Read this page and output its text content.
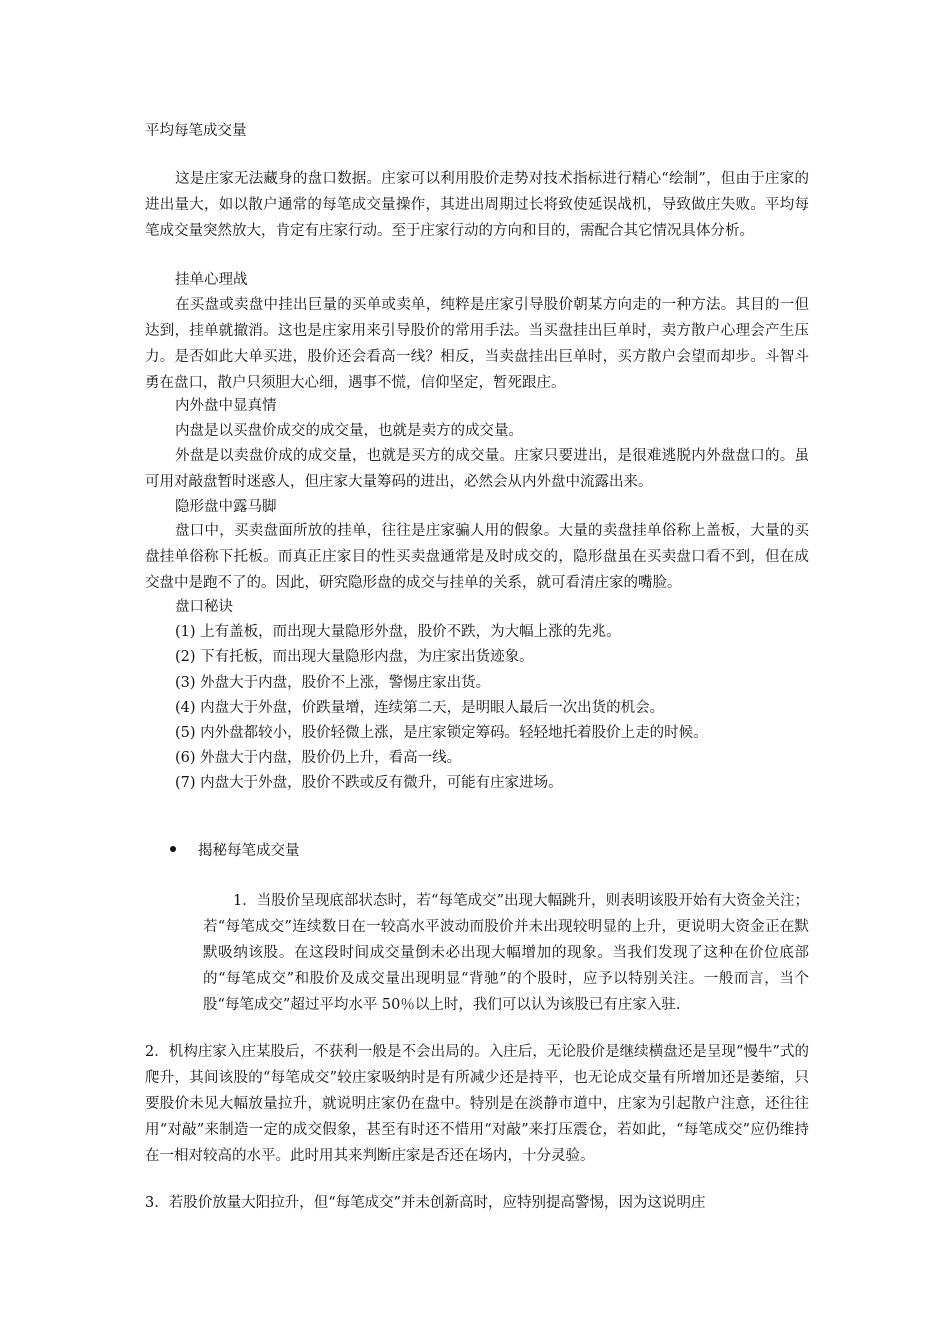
平均每笔成交量

这是庄家无法藏身的盘口数据。庄家可以利用股价走势对技术指标进行精心“绘制”，但由于庄家的进出量大，如以散户通常的每笔成交量操作，其进出周期过长将致使延误战机，导致做庄失败。平均每笔成交量突然放大，肯定有庄家行动。至于庄家行动的方向和目的，需配合其它情况具体分析。

挂单心理战

在买盘或卖盘中挂出巨量的买单或卖单，纯粹是庄家引导股价朝某方向走的一种方法。其目的一但达到，挂单就撤消。这也是庄家用来引导股价的常用手法。当买盘挂出巨单时，卖方散户心理会产生压力。是否如此大单买进，股价还会看高一线？相反，当卖盘挂出巨单时，买方散户会望而却步。斗智斗勇在盘口，散户只须胆大心细，遇事不慌，信仰坚定，暂死跟庄。

内外盘中显真情

内盘是以买盘价成交的成交量，也就是卖方的成交量。

外盘是以卖盘价成的成交量，也就是买方的成交量。庄家只要进出，是很难逃脱内外盘盘口的。虽可用对敲盘暂时迷惑人，但庄家大量筹码的进出，必然会从内外盘中流露出来。

隐形盘中露马脚

盘口中，买卖盘面所放的挂单，往往是庄家骗人用的假象。大量的卖盘挂单俗称上盖板，大量的买盘挂单俗称下托板。而真正庄家目的性买卖盘通常是及时成交的，隐形盘虽在买卖盘口看不到，但在成交盘中是跑不了的。因此，研究隐形盘的成交与挂单的关系，就可看清庄家的嘴脸。

盘口秘诀

(1) 上有盖板，而出现大量隐形外盘，股价不跌，为大幅上涨的先兆。

(2) 下有托板，而出现大量隐形内盘，为庄家出货迹象。

(3) 外盘大于内盘，股价不上涨，警惕庄家出货。

(4) 内盘大于外盘，价跌量增，连续第二天，是明眼人最后一次出货的机会。

(5) 内外盘都较小，股价轻微上涨，是庄家锁定筹码。轻轻地托着股价上走的时候。

(6) 外盘大于内盘，股价仍上升，看高一线。

(7) 内盘大于外盘，股价不跌或反有微升，可能有庄家进场。

揭秘每笔成交量

1．当股价呈现底部状态时，若“每笔成交”出现大幅跳升，则表明该股开始有大资金关注；若“每笔成交”连续数日在一较高水平波动而股价并未出现较明显的上升，更说明大资金正在默默吸纳该股。在这段时间成交量倒未必出现大幅增加的现象。当我们发现了这种在价位底部的“每笔成交”和股价及成交量出现明显“背驰”的个股时，应予以特别关注。一般而言，当个股“每笔成交”超过平均水平 50％以上时，我们可以认为该股已有庄家入驻.

2．机构庄家入庄某股后，不获利一般是不会出局的。入庄后，无论股价是继续横盘还是呈现“慢牛”式的爬升，其间该股的“每笔成交”较庄家吸纳时是有所减少还是持平，也无论成交量有所增加还是萎缩，只要股价未见大幅放量拉升，就说明庄家仍在盘中。特别是在淡静市道中，庄家为引起散户注意，还往往用“对敲”来制造一定的成交假象，甚至有时还不惜用“对敲”来打压震仓，若如此，“每笔成交”应仍维持在一相对较高的水平。此时用其来判断庄家是否还在场内，十分灵验。

3．若股价放量大阳拉升，但“每笔成交”并未创新高时，应特别提高警惕，因为这说明庄
